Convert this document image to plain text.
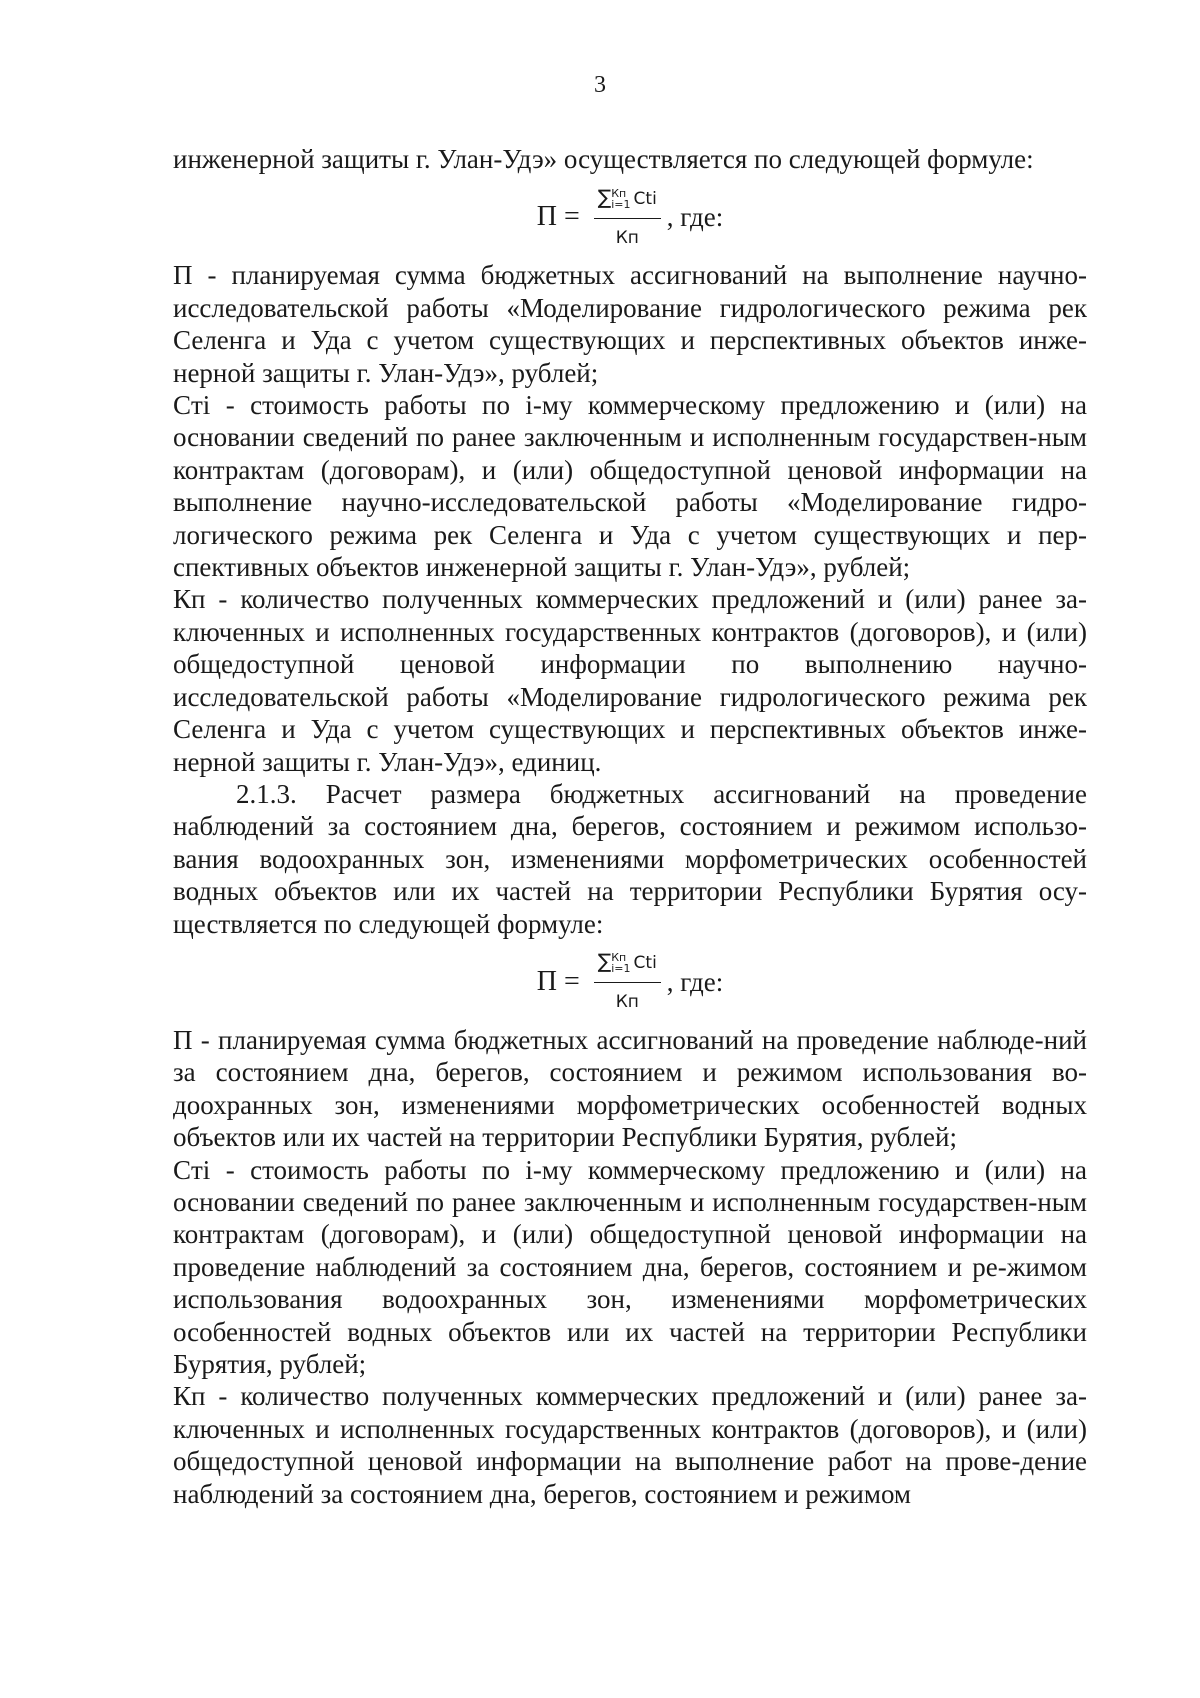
3

инженерной защиты г. Улан-Удэ» осуществляется по следующей формуле:

П = ∑ Кп
i=1 Cti
Кп , где:

П - планируемая сумма бюджетных ассигнований на выполнение научно-исследовательской работы «Моделирование гидрологического режима рек Селенга и Уда с учетом существующих и перспективных объектов инже-нерной защиты г. Улан-Удэ», рублей;

Cтi - стоимость работы по i-му коммерческому предложению и (или) на основании сведений по ранее заключенным и исполненным государствен-ным контрактам (договорам), и (или) общедоступной ценовой информации на выполнение научно-исследовательской работы «Моделирование гидро-логического режима рек Селенга и Уда с учетом существующих и пер-спективных объектов инженерной защиты г. Улан-Удэ», рублей;

Кп - количество полученных коммерческих предложений и (или) ранее за-ключенных и исполненных государственных контрактов (договоров), и (или) общедоступной ценовой информации по выполнению научно-исследовательской работы «Моделирование гидрологического режима рек Селенга и Уда с учетом существующих и перспективных объектов инже-нерной защиты г. Улан-Удэ», единиц.

2.1.3. Расчет размера бюджетных ассигнований на проведение наблюдений за состоянием дна, берегов, состоянием и режимом использо-вания водоохранных зон, изменениями морфометрических особенностей водных объектов или их частей на территории Республики Бурятия осу-ществляется по следующей формуле:

П = ∑ Кп
i=1 Cti
Кп , где:

П - планируемая сумма бюджетных ассигнований на проведение наблюде-ний за состоянием дна, берегов, состоянием и режимом использования во-доохранных зон, изменениями морфометрических особенностей водных объектов или их частей на территории Республики Бурятия, рублей;

Cтi - стоимость работы по i-му коммерческому предложению и (или) на основании сведений по ранее заключенным и исполненным государствен-ным контрактам (договорам), и (или) общедоступной ценовой информации на проведение наблюдений за состоянием дна, берегов, состоянием и ре-жимом использования водоохранных зон, изменениями морфометрических особенностей водных объектов или их частей на территории Республики Бурятия, рублей;

Кп - количество полученных коммерческих предложений и (или) ранее за-ключенных и исполненных государственных контрактов (договоров), и (или) общедоступной ценовой информации на выполнение работ на прове-дение наблюдений за состоянием дна, берегов, состоянием и режимом
